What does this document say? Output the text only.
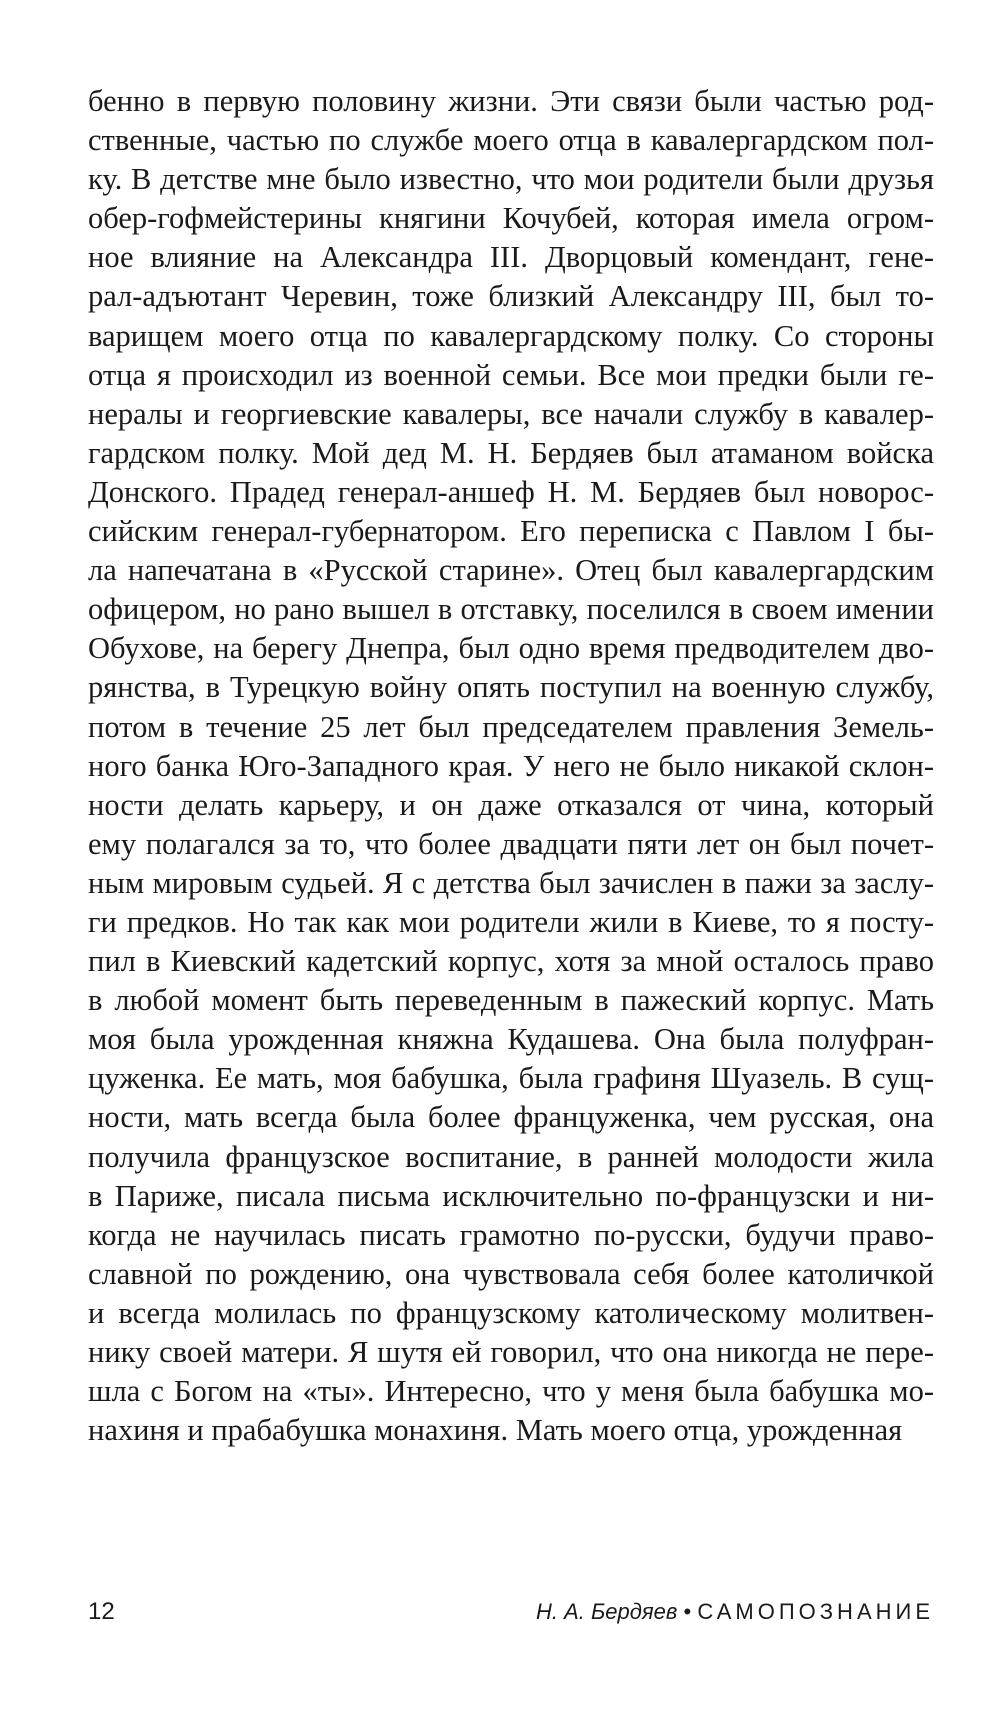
бенно в первую половину жизни. Эти связи были частью род-
ственные, частью по службе моего отца в кавалергардском пол-
ку. В детстве мне было известно, что мои родители были друзья
обер-гофмейстерины княгини Кочубей, которая имела огром-
ное влияние на Александра III. Дворцовый комендант, гене-
рал-адъютант Черевин, тоже близкий Александру III, был то-
варищем моего отца по кавалергардскому полку. Со стороны
отца я происходил из военной семьи. Все мои предки были ге-
нералы и георгиевские кавалеры, все начали службу в кавалер-
гардском полку. Мой дед М. Н. Бердяев был атаманом войска
Донского. Прадед генерал-аншеф Н. М. Бердяев был новорос-
сийским генерал-губернатором. Его переписка с Павлом I бы-
ла напечатана в «Русской старине». Отец был кавалергардским
офицером, но рано вышел в отставку, поселился в своем имении
Обухове, на берегу Днепра, был одно время предводителем дво-
рянства, в Турецкую войну опять поступил на военную службу,
потом в течение 25 лет был председателем правления Земель-
ного банка Юго-Западного края. У него не было никакой склон-
ности делать карьеру, и он даже отказался от чина, который
ему полагался за то, что более двадцати пяти лет он был почет-
ным мировым судьей. Я с детства был зачислен в пажи за заслу-
ги предков. Но так как мои родители жили в Киеве, то я посту-
пил в Киевский кадетский корпус, хотя за мной осталось право
в любой момент быть переведенным в пажеский корпус. Мать
моя была урожденная княжна Кудашева. Она была полуфран-
цуженка. Ее мать, моя бабушка, была графиня Шуазель. В сущ-
ности, мать всегда была более француженка, чем русская, она
получила французское воспитание, в ранней молодости жила
в Париже, писала письма исключительно по-французски и ни-
когда не научилась писать грамотно по-русски, будучи право-
славной по рождению, она чувствовала себя более католичкой
и всегда молилась по французскому католическому молитвен-
нику своей матери. Я шутя ей говорил, что она никогда не пере-
шла с Богом на «ты». Интересно, что у меня была бабушка мо-
нахиня и прабабушка монахиня. Мать моего отца, урожденная
12	Н. А. Бердяев • САМОПОЗНАНИЕ
